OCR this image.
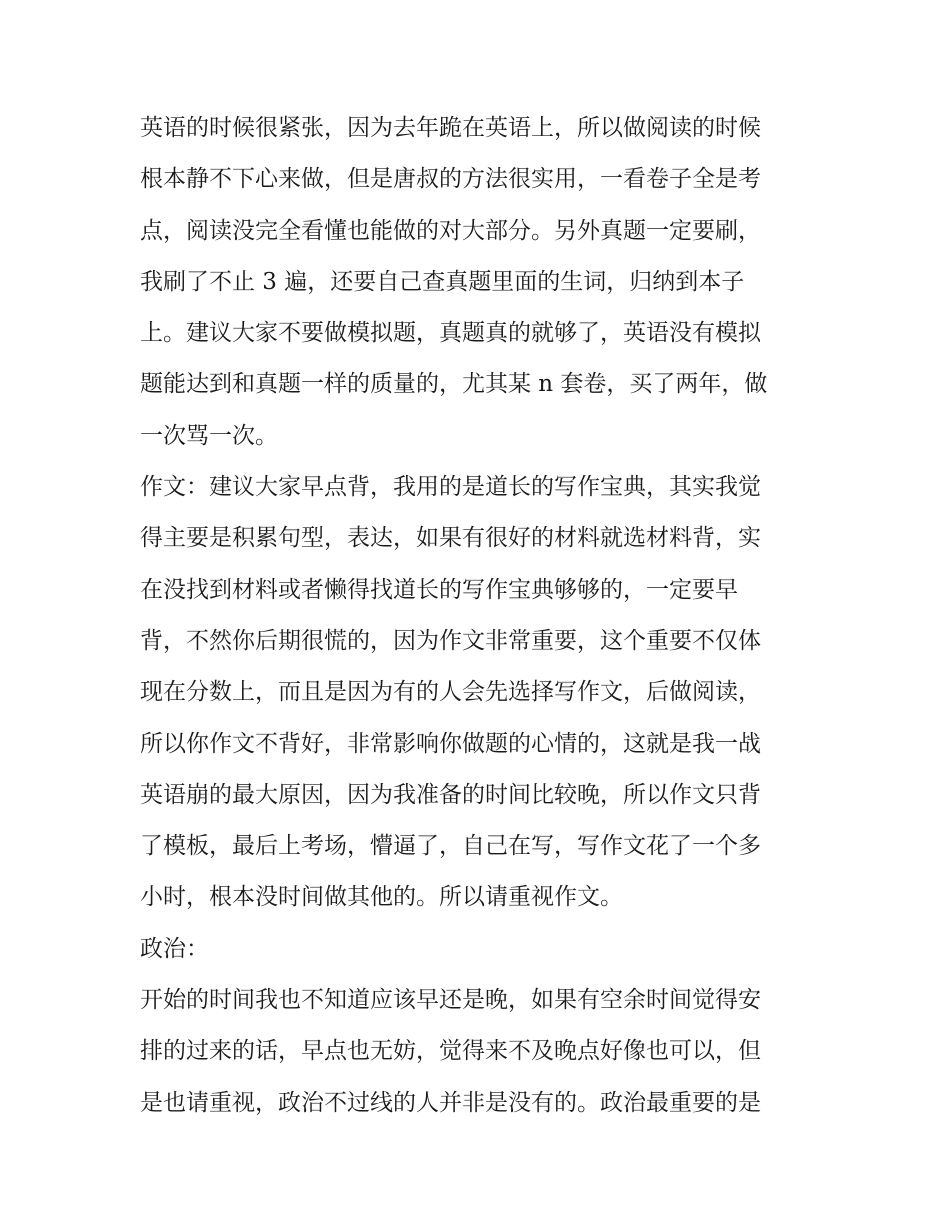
英语的时候很紧张，因为去年跪在英语上，所以做阅读的时候
根本静不下心来做，但是唐叔的方法很实用，一看卷子全是考
点，阅读没完全看懂也能做的对大部分。另外真题一定要刷，
我刷了不止 3 遍，还要自己查真题里面的生词，归纳到本子
上。建议大家不要做模拟题，真题真的就够了，英语没有模拟
题能达到和真题一样的质量的，尤其某 n 套卷，买了两年，做
一次骂一次。
作文：建议大家早点背，我用的是道长的写作宝典，其实我觉
得主要是积累句型，表达，如果有很好的材料就选材料背，实
在没找到材料或者懒得找道长的写作宝典够够的，一定要早
背，不然你后期很慌的，因为作文非常重要，这个重要不仅体
现在分数上，而且是因为有的人会先选择写作文，后做阅读，
所以你作文不背好，非常影响你做题的心情的，这就是我一战
英语崩的最大原因，因为我准备的时间比较晚，所以作文只背
了模板，最后上考场，懵逼了，自己在写，写作文花了一个多
小时，根本没时间做其他的。所以请重视作文。
政治：
开始的时间我也不知道应该早还是晚，如果有空余时间觉得安
排的过来的话，早点也无妨，觉得来不及晚点好像也可以，但
是也请重视，政治不过线的人并非是没有的。政治最重要的是
